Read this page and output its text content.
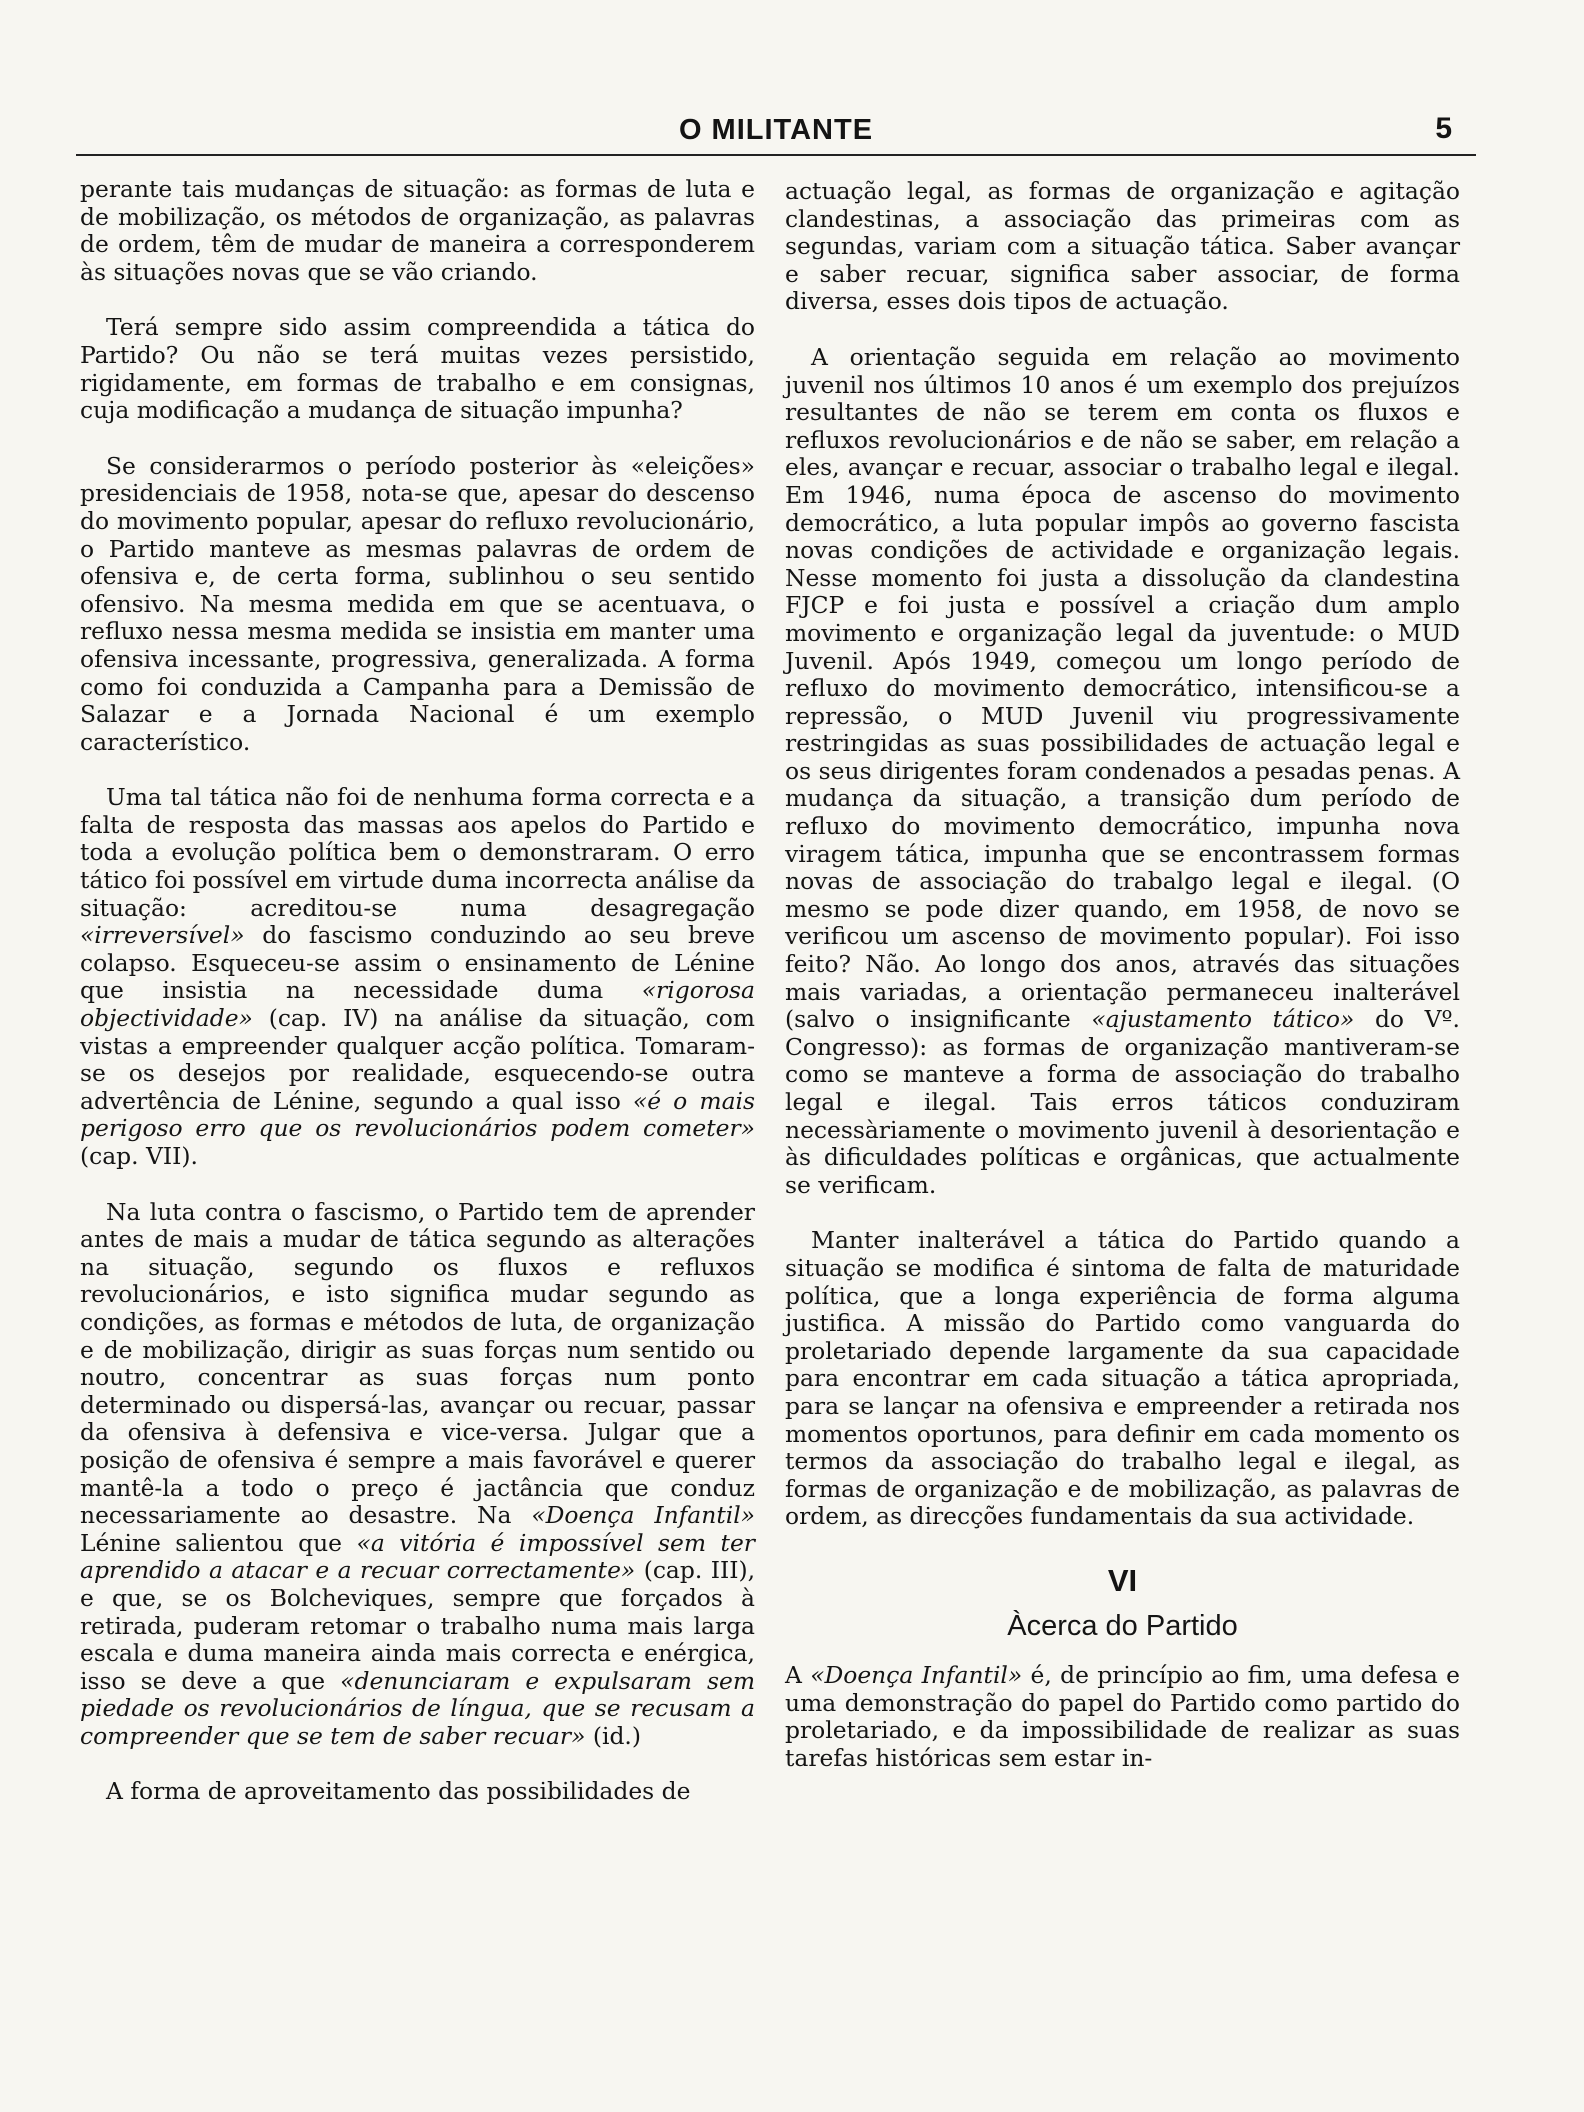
O MILITANTE	5

perante tais mudanças de situação: as formas de luta e de mobilização, os métodos de organização, as palavras de ordem, têm de mudar de maneira a corresponderem às situações novas que se vão criando.

Terá sempre sido assim compreendida a tática do Partido? Ou não se terá muitas vezes persistido, rigidamente, em formas de trabalho e em consignas, cuja modificação a mudança de situação impunha?

Se considerarmos o período posterior às «eleições» presidenciais de 1958, nota-se que, apesar do descenso do movimento popular, apesar do refluxo revolucionário, o Partido manteve as mesmas palavras de ordem de ofensiva e, de certa forma, sublinhou o seu sentido ofensivo. Na mesma medida em que se acentuava, o refluxo nessa mesma medida se insistia em manter uma ofensiva incessante, progressiva, generalizada. A forma como foi conduzida a Campanha para a Demissão de Salazar e a Jornada Nacional é um exemplo característico.

Uma tal tática não foi de nenhuma forma correcta e a falta de resposta das massas aos apelos do Partido e toda a evolução política bem o demonstraram. O erro tático foi possível em virtude duma incorrecta análise da situação: acreditou-se numa desagregação «irreversível» do fascismo conduzindo ao seu breve colapso. Esqueceu-se assim o ensinamento de Lénine que insistia na necessidade duma «rigorosa objectividade» (cap. IV) na análise da situação, com vistas a empreender qualquer acção política. Tomaram-se os desejos por realidade, esquecendo-se outra advertência de Lénine, segundo a qual isso «é o mais perigoso erro que os revolucionários podem cometer» (cap. VII).

Na luta contra o fascismo, o Partido tem de aprender antes de mais a mudar de tática segundo as alterações na situação, segundo os fluxos e refluxos revolucionários, e isto significa mudar segundo as condições, as formas e métodos de luta, de organização e de mobilização, dirigir as suas forças num sentido ou noutro, concentrar as suas forças num ponto determinado ou dispersá-las, avançar ou recuar, passar da ofensiva à defensiva e vice-versa. Julgar que a posição de ofensiva é sempre a mais favorável e querer mantê-la a todo o preço é jactância que conduz necessariamente ao desastre. Na «Doença Infantil» Lénine salientou que «a vitória é impossível sem ter aprendido a atacar e a recuar correctamente» (cap. III), e que, se os Bolcheviques, sempre que forçados à retirada, puderam retomar o trabalho numa mais larga escala e duma maneira ainda mais correcta e enérgica, isso se deve a que «denunciaram e expulsaram sem piedade os revolucionários de língua, que se recusam a compreender que se tem de saber recuar» (id.)

A forma de aproveitamento das possibilidades de

actuação legal, as formas de organização e agitação clandestinas, a associação das primeiras com as segundas, variam com a situação tática. Saber avançar e saber recuar, significa saber associar, de forma diversa, esses dois tipos de actuação.

A orientação seguida em relação ao movimento juvenil nos últimos 10 anos é um exemplo dos prejuízos resultantes de não se terem em conta os fluxos e refluxos revolucionários e de não se saber, em relação a eles, avançar e recuar, associar o trabalho legal e ilegal. Em 1946, numa época de ascenso do movimento democrático, a luta popular impôs ao governo fascista novas condições de actividade e organização legais. Nesse momento foi justa a dissolução da clandestina FJCP e foi justa e possível a criação dum amplo movimento e organização legal da juventude: o MUD Juvenil. Após 1949, começou um longo período de refluxo do movimento democrático, intensificou-se a repressão, o MUD Juvenil viu progressivamente restringidas as suas possibilidades de actuação legal e os seus dirigentes foram condenados a pesadas penas. A mudança da situação, a transição dum período de refluxo do movimento democrático, impunha nova viragem tática, impunha que se encontrassem formas novas de associação do trabalgo legal e ilegal. (O mesmo se pode dizer quando, em 1958, de novo se verificou um ascenso de movimento popular). Foi isso feito? Não. Ao longo dos anos, através das situações mais variadas, a orientação permaneceu inalterável (salvo o insignificante «ajustamento tático» do Vº. Congresso): as formas de organização mantiveram-se como se manteve a forma de associação do trabalho legal e ilegal. Tais erros táticos conduziram necessàriamente o movimento juvenil à desorientação e às dificuldades políticas e orgânicas, que actualmente se verificam.

Manter inalterável a tática do Partido quando a situação se modifica é sintoma de falta de maturidade política, que a longa experiência de forma alguma justifica. A missão do Partido como vanguarda do proletariado depende largamente da sua capacidade para encontrar em cada situação a tática apropriada, para se lançar na ofensiva e empreender a retirada nos momentos oportunos, para definir em cada momento os termos da associação do trabalho legal e ilegal, as formas de organização e de mobilização, as palavras de ordem, as direcções fundamentais da sua actividade.

VI
Àcerca do Partido

A «Doença Infantil» é, de princípio ao fim, uma defesa e uma demonstração do papel do Partido como partido do proletariado, e da impossibilidade de realizar as suas tarefas históricas sem estar in-
